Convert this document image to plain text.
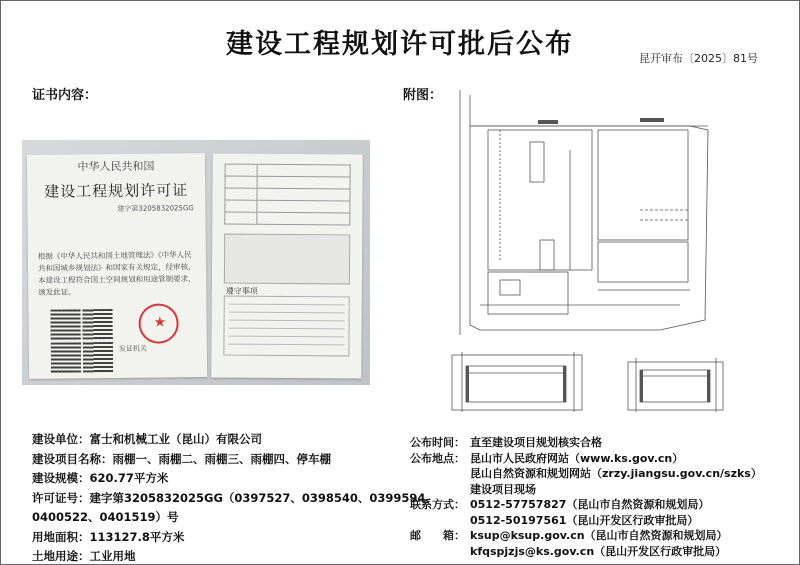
建设工程规划许可批后公布	昆开审布〔2025〕81号
证书内容：	附图：
中华人民共和国
建设工程规划许可证
建字第3205832025GG
根据《中华人民共和国土地管理法》《中华人民共和国城乡规划法》和国家有关规定，经审核，本建设工程符合国土空间规划和用途管制要求，颁发此证。
★
发证机关

遵守事项
建设单位： 富士和机械工业（昆山）有限公司
建设项目名称： 雨棚一、雨棚二、雨棚三、雨棚四、停车棚
建设规模： 620.77平方米
许可证号： 建字第3205832025GG（0397527、0398540、0399594、
0400522、0401519）号
用地面积： 113127.8平方米
土地用途： 工业用地
公布时间： 直至建设项目规划核实合格
公布地点： 昆山市人民政府网站（www.ks.gov.cn）
昆山自然资源和规划网站（zrzy.jiangsu.gov.cn/szks）
建设项目现场
联系方式： 0512-57757827（昆山市自然资源和规划局）
0512-50197561（昆山开发区行政审批局）
邮　　箱： ksup@ksup.gov.cn（昆山市自然资源和规划局）
kfqspjzjs@ks.gov.cn（昆山开发区行政审批局）
